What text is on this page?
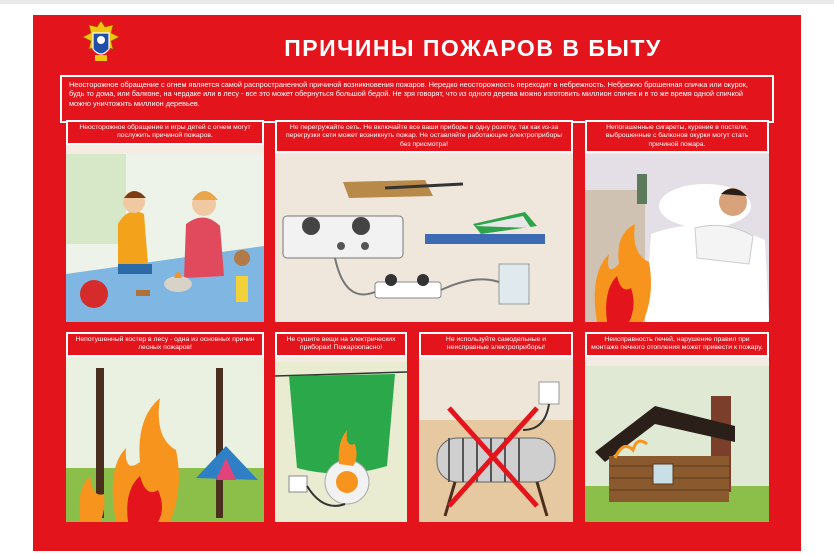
ПРИЧИНЫ ПОЖАРОВ В БЫТУ
Неосторожное обращение с огнем является самой распространенной причиной возникновения пожаров. Нередко неосторожность переходит в небрежность. Небрежно брошенная спичка или окурок, будь то дома, или балконе, на чердаке или в лесу - все это может обернуться большой бедой. Не зря говорят, что из одного дерева можно изготовить миллион спичек и в то же время одной спичкой можно уничтожить миллион деревьев.
Неосторожное обращение и игры детей с огнем могут послужить причиной пожаров.
Не перегружайте сеть. Не включайте все ваши приборы в одну розетку, так как из-за перегрузки сети может возникнуть пожар. Не оставляйте работающие электроприборы без присмотра!
Непогашенные сигареты, курение в постели, выброшенные с балконов окурки могут стать причиной пожара.
Непотушенный костер в лесу - одна из основных причин лесных пожаров!
Не сушите вещи на электрических приборах! Пожароопасно!
Не используйте самодельные и неисправные электроприборы!
Неисправность печей, нарушение правил при монтаже печного отопления может привести к пожару.
